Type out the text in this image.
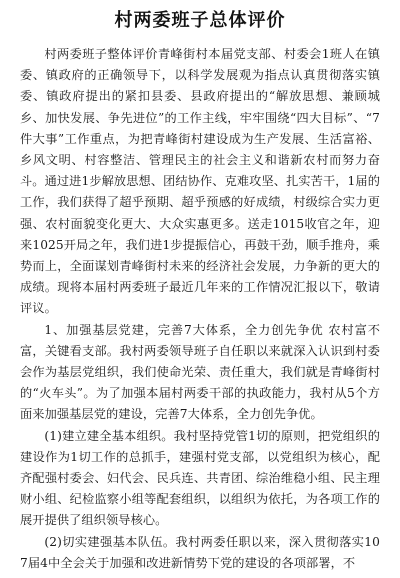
村两委班子总体评价

村两委班子整体评价青峰街村本届党支部、村委会1班人在镇委、镇政府的正确领导下，以科学发展观为指点认真贯彻落实镇委、镇政府提出的紧扣县委、县政府提出的“解放思想、兼顾城乡、加快发展、争先进位”的工作主线，牢牢围绕“四大目标”、“7件大事”工作重点，为把青峰街村建设成为生产发展、生活富裕、乡风文明、村容整洁、管理民主的社会主义和谐新农村而努力奋斗。通过进1步解放思想、团结协作、克难攻坚、扎实苦干，1届的工作，我们获得了超乎预期、超乎预感的好成绩，村级综合实力更强、农村面貌变化更大、大众实惠更多。送走1015收官之年，迎来1025开局之年，我们进1步提振信心，再鼓干劲，顺手推舟，乘势而上，全面谋划青峰街村未来的经济社会发展，力争新的更大的成绩。现将本届村两委班子最近几年来的工作情况汇报以下，敬请评议。

1、加强基层党建，完善7大体系，全力创先争优 农村富不富，关键看支部。我村两委领导班子自任职以来就深入认识到村委会作为基层党组织，我们使命光荣、责任重大，我们就是青峰街村的“火车头”。为了加强本届村两委干部的执政能力，我村从5个方面来加强基层党的建设，完善7大体系，全力创先争优。

(1)建立建全基本组织。我村坚持党管1切的原则，把党组织的建设作为1切工作的总抓手，建强村党支部，以党组织为核心，配齐配强村委会、妇代会、民兵连、共青团、综治维稳小组、民主理财小组、纪检监察小组等配套组织，以组织为依托，为各项工作的展开提供了组织领导核心。

(2)切实建强基本队伍。我村两委任职以来，深入贯彻落实107届4中全会关于加强和改进新情势下党的建设的各项部署，不
